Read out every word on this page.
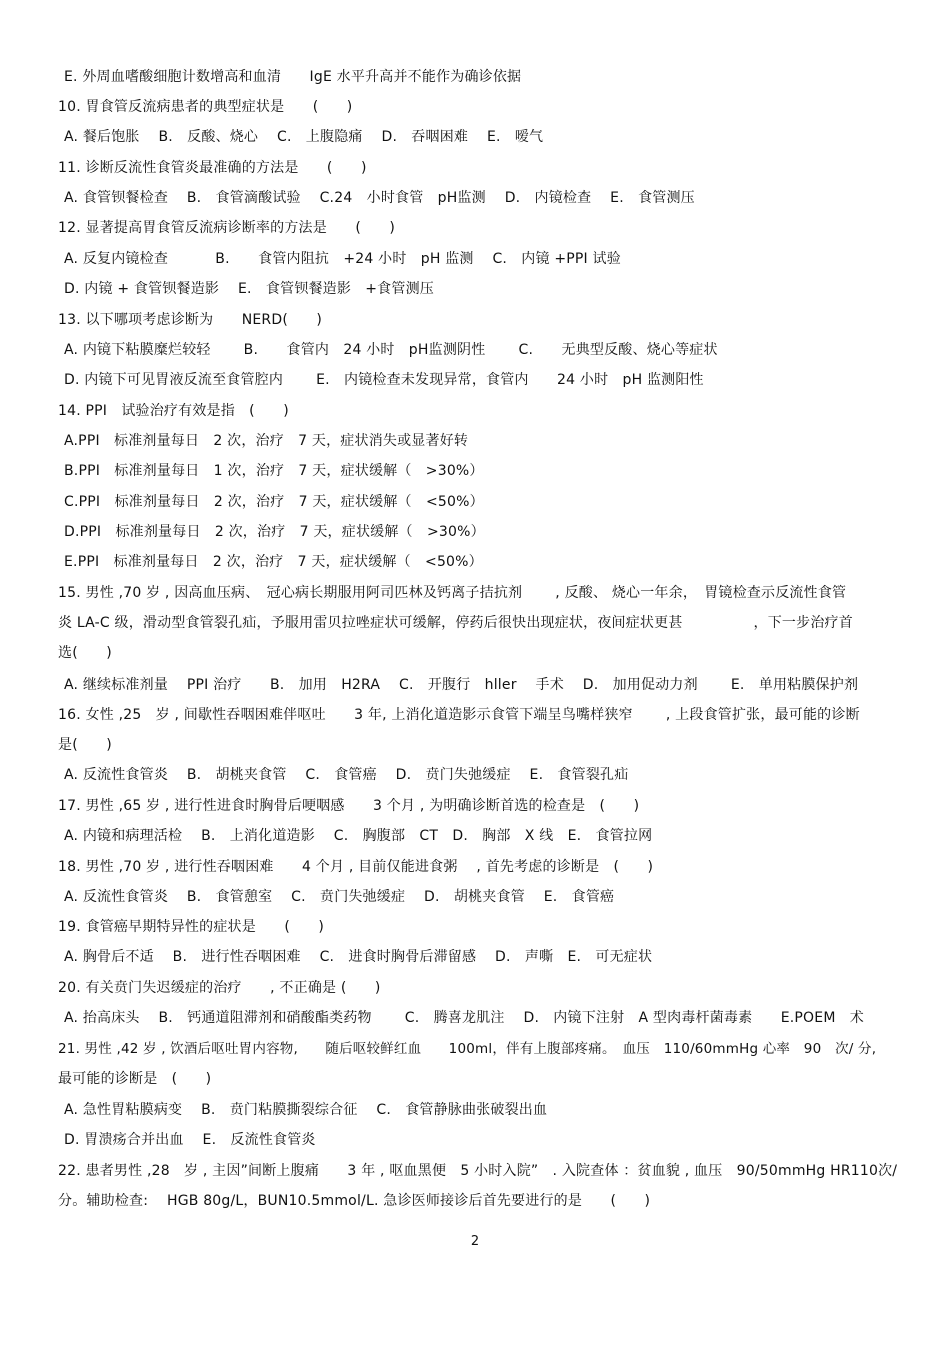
E. 外周血嗜酸细胞计数增高和血清　　IgE 水平升高并不能作为确诊依据
10. 胃食管反流病患者的典型症状是　　(　　)
A. 餐后饱胀　 B.　反酸、烧心　 C.　上腹隐痛　 D.　吞咽困难　 E.　嗳气
11. 诊断反流性食管炎最准确的方法是　　(　　)
A. 食管钡餐检查　 B.　食管滴酸试验　 C.24　小时食管　pH监测　 D.　内镜检查　 E.　食管测压
12. 显著提高胃食管反流病诊断率的方法是　　(　　)
A. 反复内镜检查　　　 B.　　食管内阻抗　+24 小时　pH 监测　 C.　内镜 +PPI 试验
D. 内镜 + 食管钡餐造影　 E.　食管钡餐造影　+食管测压
13. 以下哪项考虑诊断为　　NERD(　　)
A. 内镜下粘膜糜烂较轻　　 B.　　食管内　24 小时　pH监测阴性　　 C.　　无典型反酸、烧心等症状
D. 内镜下可见胃液反流至食管腔内　　 E.　内镜检查未发现异常，食管内　　24 小时　pH 监测阳性
14. PPI　试验治疗有效是指　(　　)
A.PPI　标准剂量每日　2 次，治疗　7 天，症状消失或显著好转
B.PPI　标准剂量每日　1 次，治疗　7 天，症状缓解（　>30%）
C.PPI　标准剂量每日　2 次，治疗　7 天，症状缓解（　<50%）
D.PPI　标准剂量每日　2 次，治疗　7 天，症状缓解（　>30%）
E.PPI　标准剂量每日　2 次，治疗　7 天，症状缓解（　<50%）
15. 男性 ,70 岁 , 因高血压病、　冠心病长期服用阿司匹林及钙离子拮抗剂　　 , 反酸、 烧心一年余，　胃镜检查示反流性食管
炎 LA-C 级，滑动型食管裂孔疝，予服用雷贝拉唑症状可缓解，停药后很快出现症状，夜间症状更甚　　　　　，下一步治疗首
选(　　)
A. 继续标准剂量　 PPI 治疗　　B.　加用　H2RA　 C.　开腹行　hller　 手术　 D.　加用促动力剂　　 E.　单用粘膜保护剂
16. 女性 ,25　岁 , 间歇性吞咽困难伴呕吐　　3 年, 上消化道造影示食管下端呈鸟嘴样狭窄　　 , 上段食管扩张，最可能的诊断
是(　　)
A. 反流性食管炎　 B.　胡桃夹食管　 C.　食管癌　 D.　贲门失弛缓症　 E.　食管裂孔疝
17. 男性 ,65 岁 , 进行性进食时胸骨后哽咽感　　3 个月 , 为明确诊断首选的检查是　(　　)
A. 内镜和病理活检　 B.　上消化道造影　 C.　胸腹部　CT　D.　胸部　X 线　E.　食管拉网
18. 男性 ,70 岁 , 进行性吞咽困难　　4 个月 , 目前仅能进食粥　 , 首先考虑的诊断是　(　　)
A. 反流性食管炎　 B.　食管憩室　 C.　贲门失弛缓症　 D.　胡桃夹食管　 E.　食管癌
19. 食管癌早期特异性的症状是　　(　　)
A. 胸骨后不适　 B.　进行性吞咽困难　 C.　进食时胸骨后滞留感　 D.　声嘶　E.　可无症状
20. 有关贲门失迟缓症的治疗　　, 不正确是 (　　)
A. 抬高床头　 B.　钙通道阻滞剂和硝酸酯类药物　　 C.　腾喜龙肌注　 D.　内镜下注射　A 型肉毒杆菌毒素　　E.POEM　术
21. 男性 ,42 岁 , 饮酒后呕吐胃内容物,　　随后呕较鲜红血　　100ml，伴有上腹部疼痛。　血压　110/60mmHg 心率　90　次/ 分,
最可能的诊断是　(　　)
A. 急性胃粘膜病变　 B.　贲门粘膜撕裂综合征　 C.　食管静脉曲张破裂出血
D. 胃溃疡合并出血　 E.　反流性食管炎
22. 患者男性 ,28　岁 , 主因”间断上腹痛　　3 年 , 呕血黑便　5 小时入院”　. 入院查体 ：贫血貌 , 血压　90/50mmHg HR110次/
分。辅助检查:　 HGB 80g/L，BUN10.5mmol/L. 急诊医师接诊后首先要进行的是　　(　　)
2
